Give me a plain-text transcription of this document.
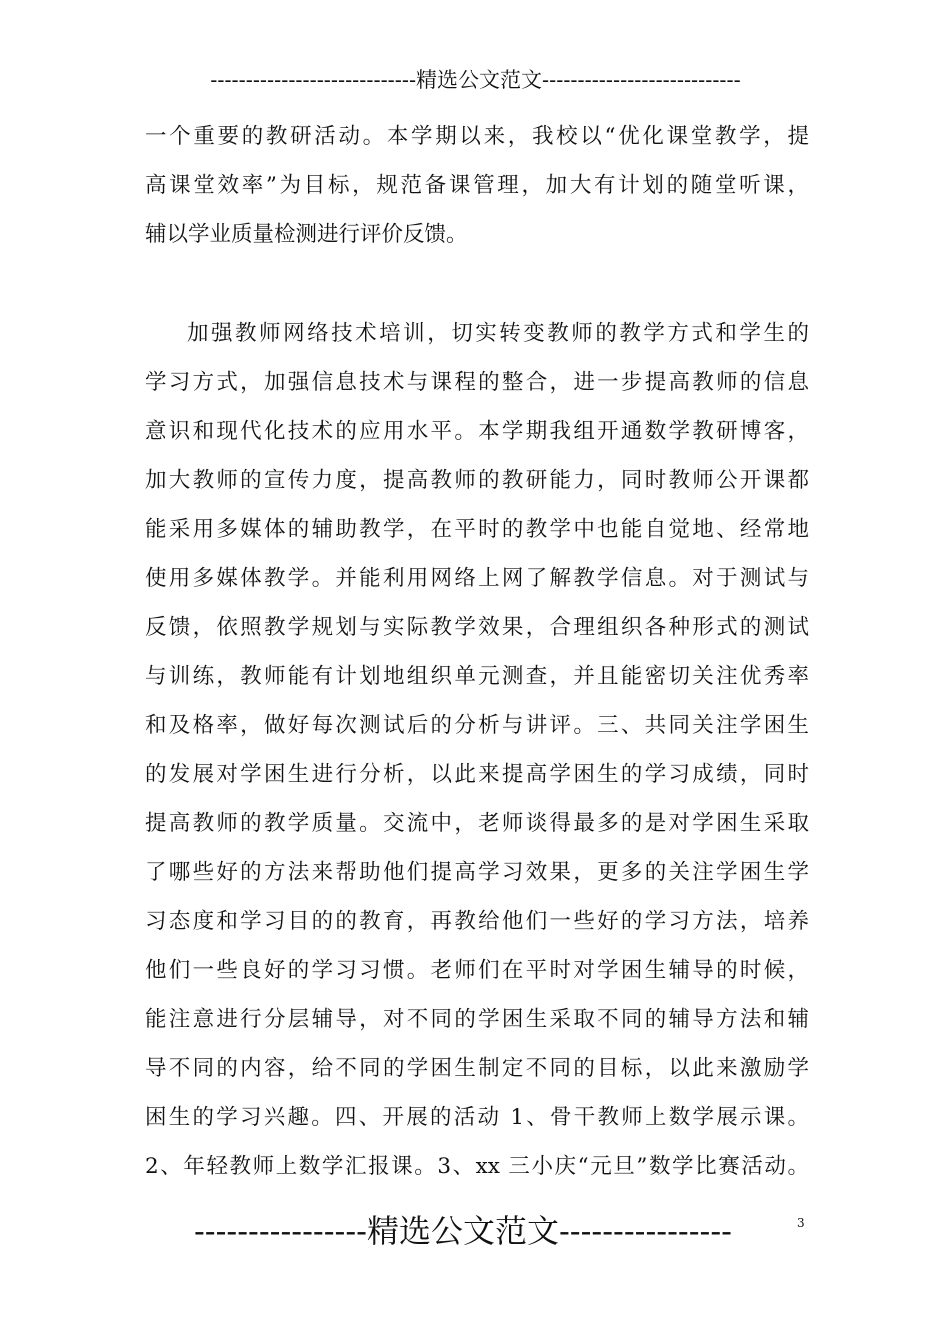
-----------------------------精选公文范文----------------------------
一个重要的教研活动。本学期以来，我校以“优化课堂教学，提
高课堂效率”为目标，规范备课管理，加大有计划的随堂听课，
辅以学业质量检测进行评价反馈。
加强教师网络技术培训，切实转变教师的教学方式和学生的
学习方式，加强信息技术与课程的整合，进一步提高教师的信息
意识和现代化技术的应用水平。本学期我组开通数学教研博客，
加大教师的宣传力度，提高教师的教研能力，同时教师公开课都
能采用多媒体的辅助教学，在平时的教学中也能自觉地、经常地
使用多媒体教学。并能利用网络上网了解教学信息。对于测试与
反馈，依照教学规划与实际教学效果，合理组织各种形式的测试
与训练，教师能有计划地组织单元测查，并且能密切关注优秀率
和及格率，做好每次测试后的分析与讲评。三、共同关注学困生
的发展对学困生进行分析，以此来提高学困生的学习成绩，同时
提高教师的教学质量。交流中，老师谈得最多的是对学困生采取
了哪些好的方法来帮助他们提高学习效果，更多的关注学困生学
习态度和学习目的的教育，再教给他们一些好的学习方法，培养
他们一些良好的学习习惯。老师们在平时对学困生辅导的时候，
能注意进行分层辅导，对不同的学困生采取不同的辅导方法和辅
导不同的内容，给不同的学困生制定不同的目标，以此来激励学
困生的学习兴趣。四、开展的活动 1、骨干教师上数学展示课。
2、年轻教师上数学汇报课。3、xx 三小庆“元旦”数学比赛活动。
----------------精选公文范文----------------	3
